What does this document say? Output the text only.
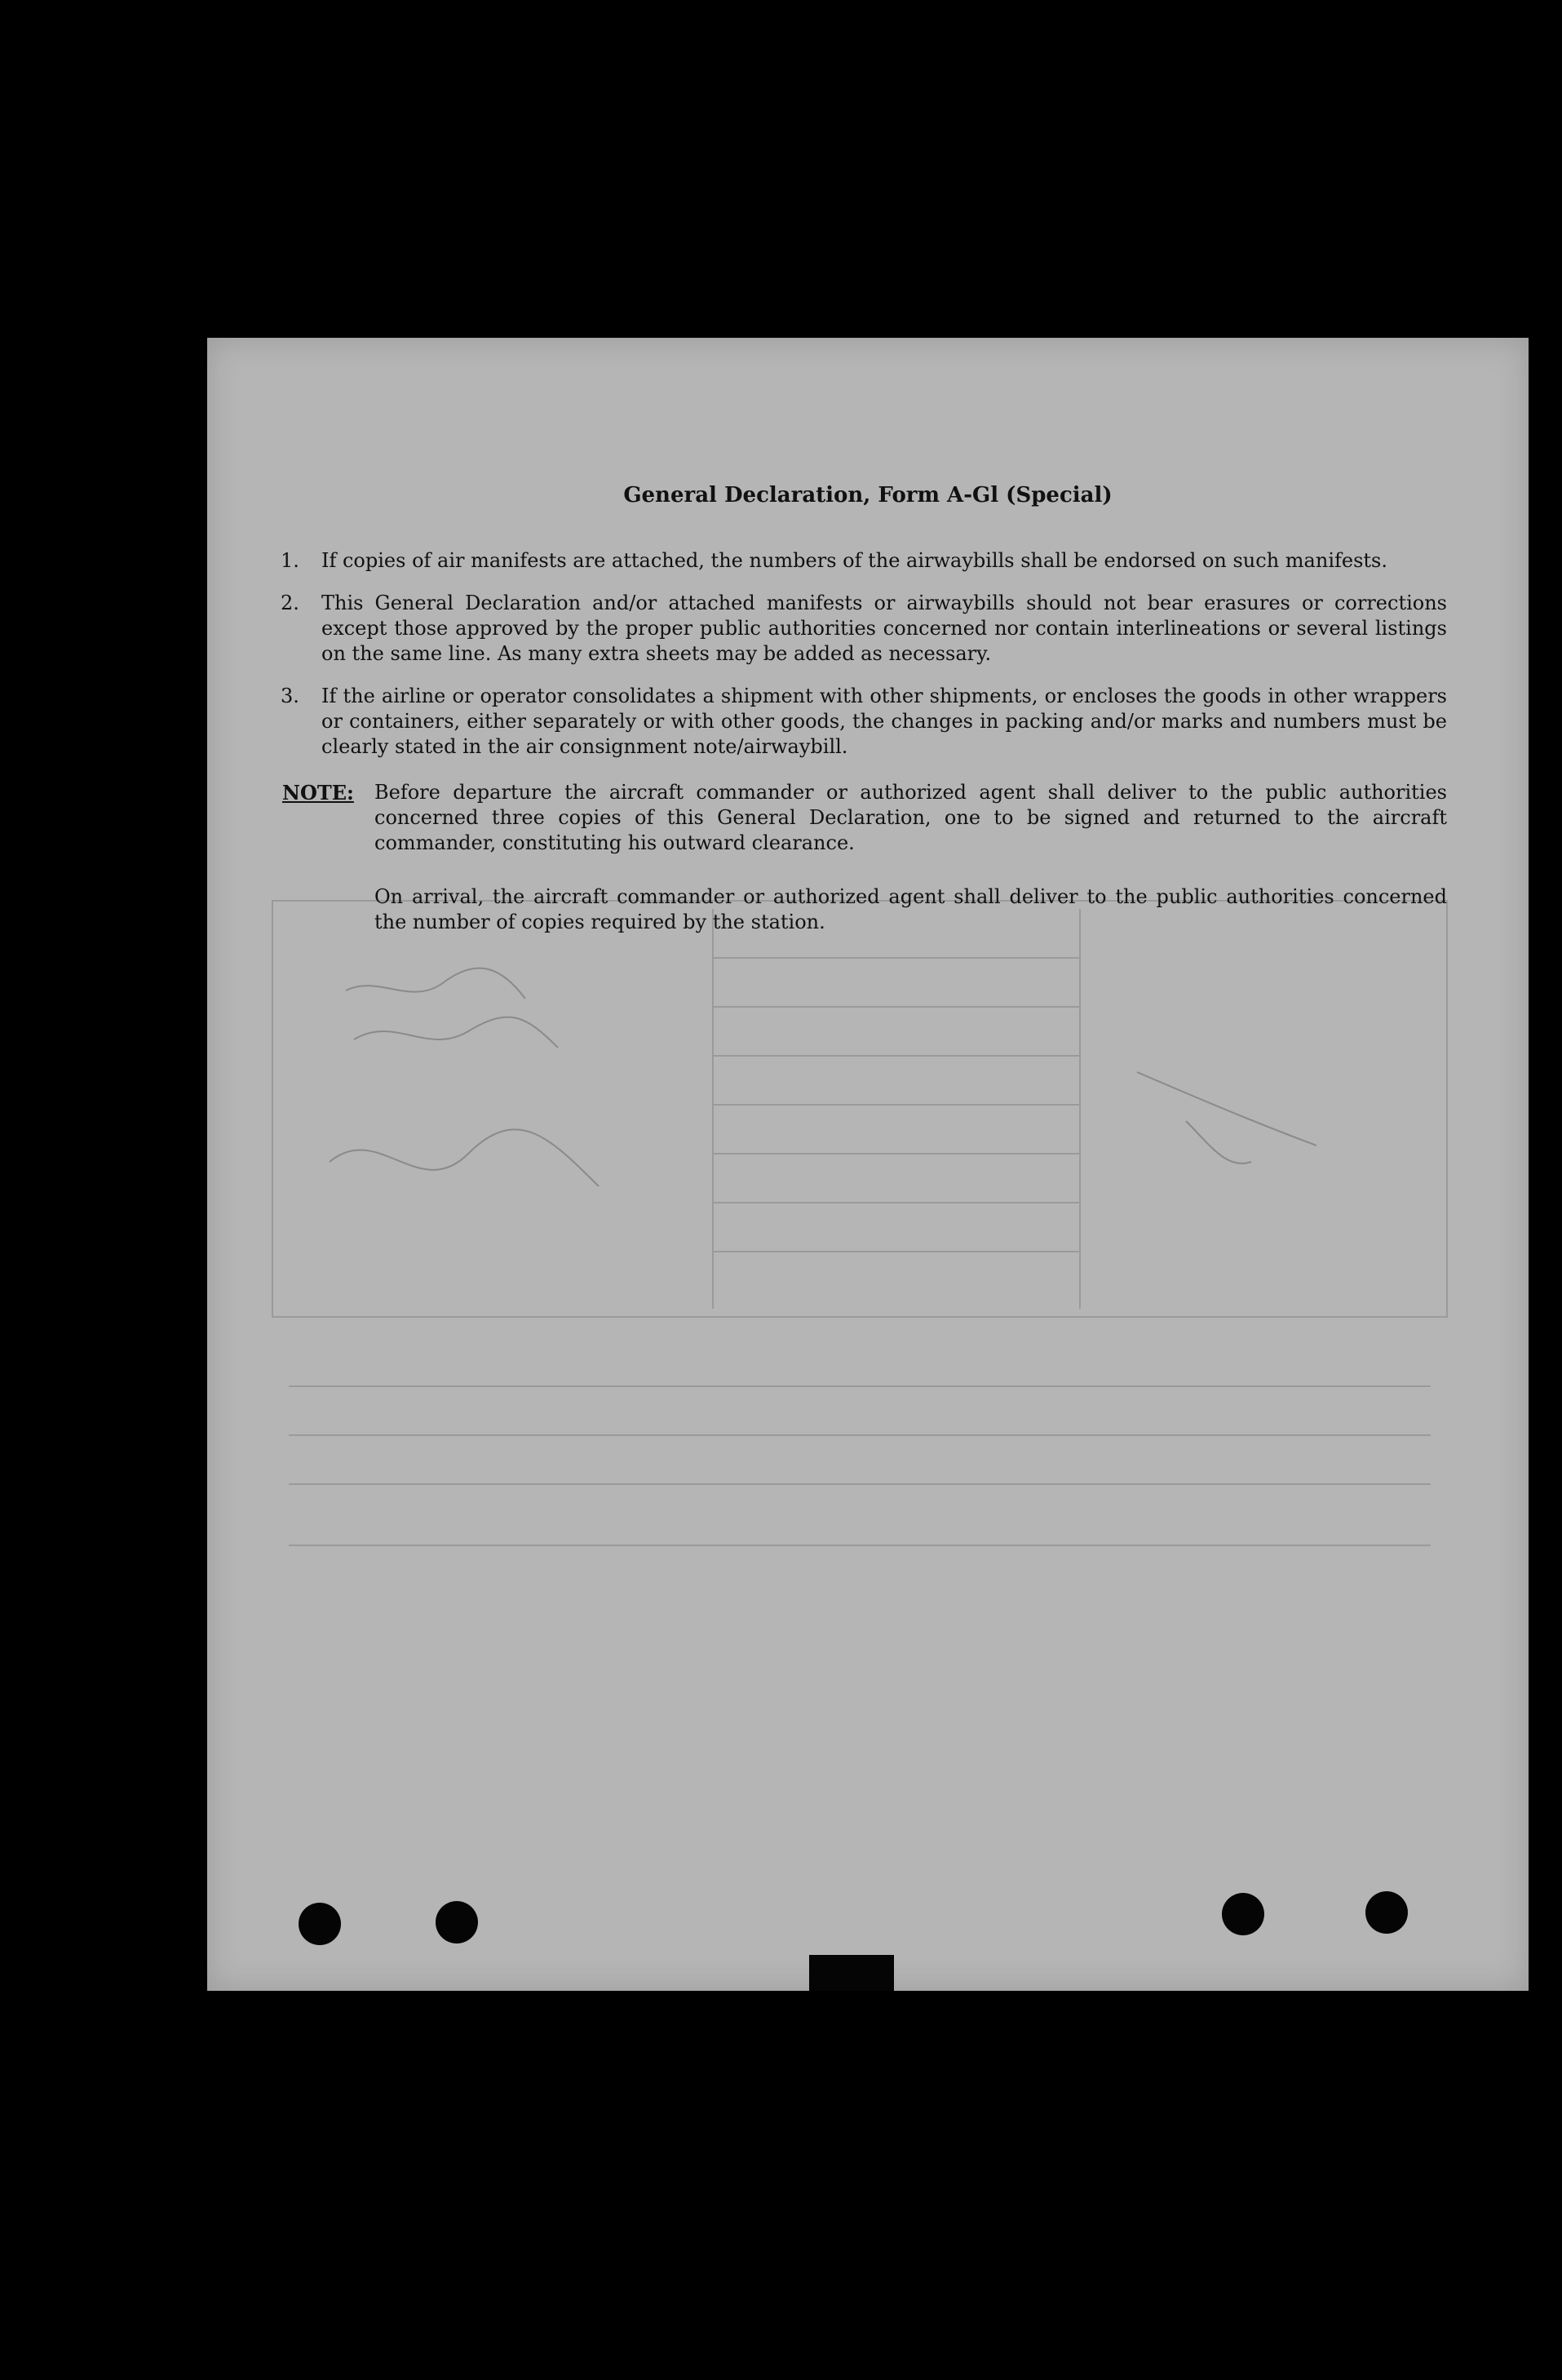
General Declaration, Form A-Gl (Special)
1.	If copies of air manifests are attached, the numbers of the airwaybills shall be endorsed on such manifests.
2.	This General Declaration and/or attached manifests or airwaybills should not bear erasures or corrections except those approved by the proper public authorities concerned nor contain interlineations or several listings on the same line. As many extra sheets may be added as necessary.
3.	If the airline or operator consolidates a shipment with other shipments, or encloses the goods in other wrappers or containers, either separately or with other goods, the changes in packing and/or marks and numbers must be clearly stated in the air consignment note/airwaybill.
NOTE: Before departure the aircraft commander or authorized agent shall deliver to the public authorities concerned three copies of this General Declaration, one to be signed and returned to the aircraft commander, constituting his outward clearance.
On arrival, the aircraft commander or authorized agent shall deliver to the public authorities concerned the number of copies required by the station.
